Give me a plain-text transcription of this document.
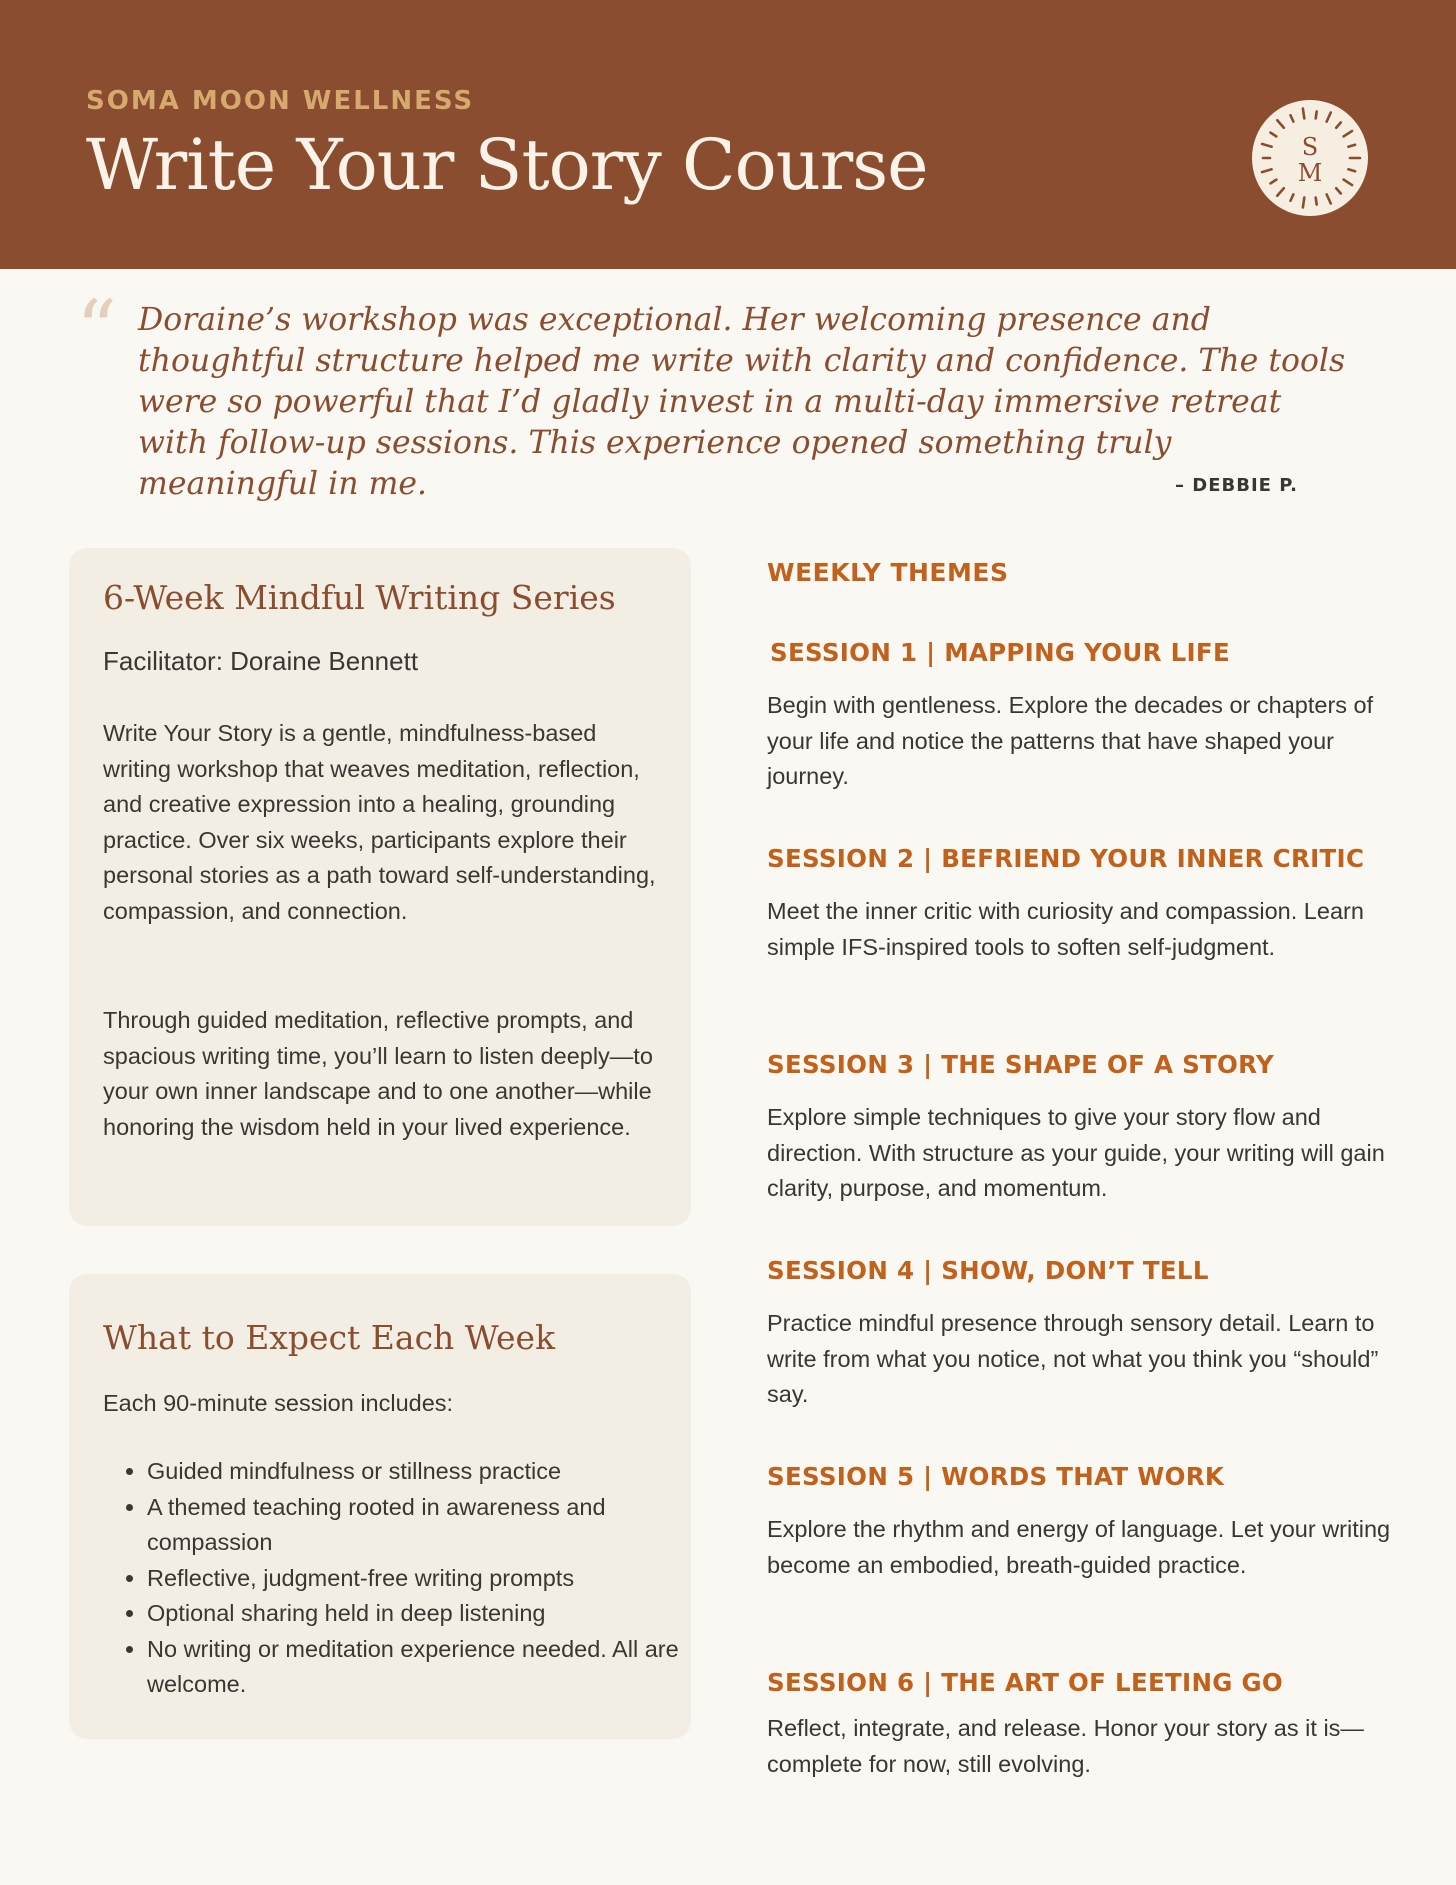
SOMA MOON WELLNESS
Write Your Story Course	S
M
“ Doraine’s workshop was exceptional. Her welcoming presence and thoughtful structure helped me write with clarity and confidence. The tools were so powerful that I’d gladly invest in a multi-day immersive retreat with follow-up sessions. This experience opened something truly meaningful in me.	– DEBBIE P.
6-Week Mindful Writing Series
Facilitator: Doraine Bennett

Write Your Story is a gentle, mindfulness-based writing workshop that weaves meditation, reflection, and creative expression into a healing, grounding practice. Over six weeks, participants explore their personal stories as a path toward self-understanding, compassion, and connection.

Through guided meditation, reflective prompts, and spacious writing time, you’ll learn to listen deeply—to your own inner landscape and to one another—while honoring the wisdom held in your lived experience.

What to Expect Each Week

Each 90-minute session includes:

• Guided mindfulness or stillness practice
• A themed teaching rooted in awareness and compassion
• Reflective, judgment-free writing prompts
• Optional sharing held in deep listening
• No writing or meditation experience needed. All are welcome.
WEEKLY THEMES
SESSION 1 | MAPPING YOUR LIFE

Begin with gentleness. Explore the decades or chapters of your life and notice the patterns that have shaped your journey.

SESSION 2 | BEFRIEND YOUR INNER CRITIC

Meet the inner critic with curiosity and compassion. Learn simple IFS-inspired tools to soften self-judgment.

SESSION 3 | THE SHAPE OF A STORY

Explore simple techniques to give your story flow and direction. With structure as your guide, your writing will gain clarity, purpose, and momentum.

SESSION 4 | SHOW, DON’T TELL

Practice mindful presence through sensory detail. Learn to write from what you notice, not what you think you “should” say.

SESSION 5 | WORDS THAT WORK

Explore the rhythm and energy of language. Let your writing become an embodied, breath-guided practice.

SESSION 6 | THE ART OF LEETING GO

Reflect, integrate, and release. Honor your story as it is—complete for now, still evolving.
